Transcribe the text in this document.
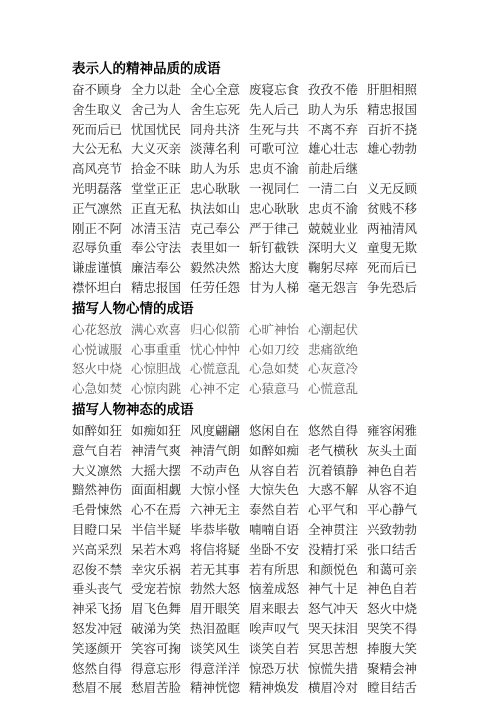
表示人的精神品质的成语
奋不顾身 全力以赴 全心全意 废寝忘食 孜孜不倦 肝胆相照
舍生取义 舍己为人 舍生忘死 先人后己 助人为乐 精忠报国
死而后已 忧国忧民 同舟共济 生死与共 不离不弃 百折不挠
大公无私 大义灭亲 淡薄名利 可歌可泣 雄心壮志 雄心勃勃
高风亮节 拾金不昧 助人为乐 忠贞不渝 前赴后继
光明磊落 堂堂正正 忠心耿耿 一视同仁 一清二白 义无反顾
正气凛然 正直无私 执法如山 忠心耿耿 忠贞不渝 贫贱不移
刚正不阿 冰清玉洁 克己奉公 严于律己 兢兢业业 两袖清风
忍辱负重 奉公守法 表里如一 斩钉截铁 深明大义 童叟无欺
谦虚谨慎 廉洁奉公 毅然决然 豁达大度 鞠躬尽瘁 死而后已
襟怀坦白 精忠报国 任劳任怨 甘为人梯 毫无怨言 争先恐后
描写人物心情的成语
心花怒放 满心欢喜 归心似箭 心旷神怡 心潮起伏
心悦诚服 心事重重 忧心忡忡 心如刀绞 悲痛欲绝
怒火中烧 心惊胆战 心慌意乱 心急如焚 心灰意冷
心急如焚 心惊肉跳 心神不定 心猿意马 心慌意乱
描写人物神态的成语
如醉如狂 如痴如狂 风度翩翩 悠闲自在 悠然自得 雍容闲雅
意气自若 神清气爽 神清气朗 如醉如痴 老气横秋 灰头土面
大义凛然 大摇大摆 不动声色 从容自若 沉着镇静 神色自若
黯然神伤 面面相觑 大惊小怪 大惊失色 大惑不解 从容不迫
毛骨悚然 心不在焉 六神无主 泰然自若 心平气和 平心静气
目瞪口呆 半信半疑 毕恭毕敬 喃喃自语 全神贯注 兴致勃勃
兴高采烈 呆若木鸡 将信将疑 坐卧不安 没精打采 张口结舌
忍俊不禁 幸灾乐祸 若无其事 若有所思 和颜悦色 和蔼可亲
垂头丧气 受宠若惊 勃然大怒 恼羞成怒 神气十足 神色自若
神采飞扬 眉飞色舞 眉开眼笑 眉来眼去 怒气冲天 怒火中烧
怒发冲冠 破涕为笑 热泪盈眶 唉声叹气 哭天抹泪 哭笑不得
笑逐颜开 笑容可掬 谈笑风生 谈笑自若 冥思苦想 捧腹大笑
悠然自得 得意忘形 得意洋洋 惊恐万状 惊慌失措 聚精会神
愁眉不展 愁眉苦脸 精神恍惚 精神焕发 横眉冷对 瞠目结舌
